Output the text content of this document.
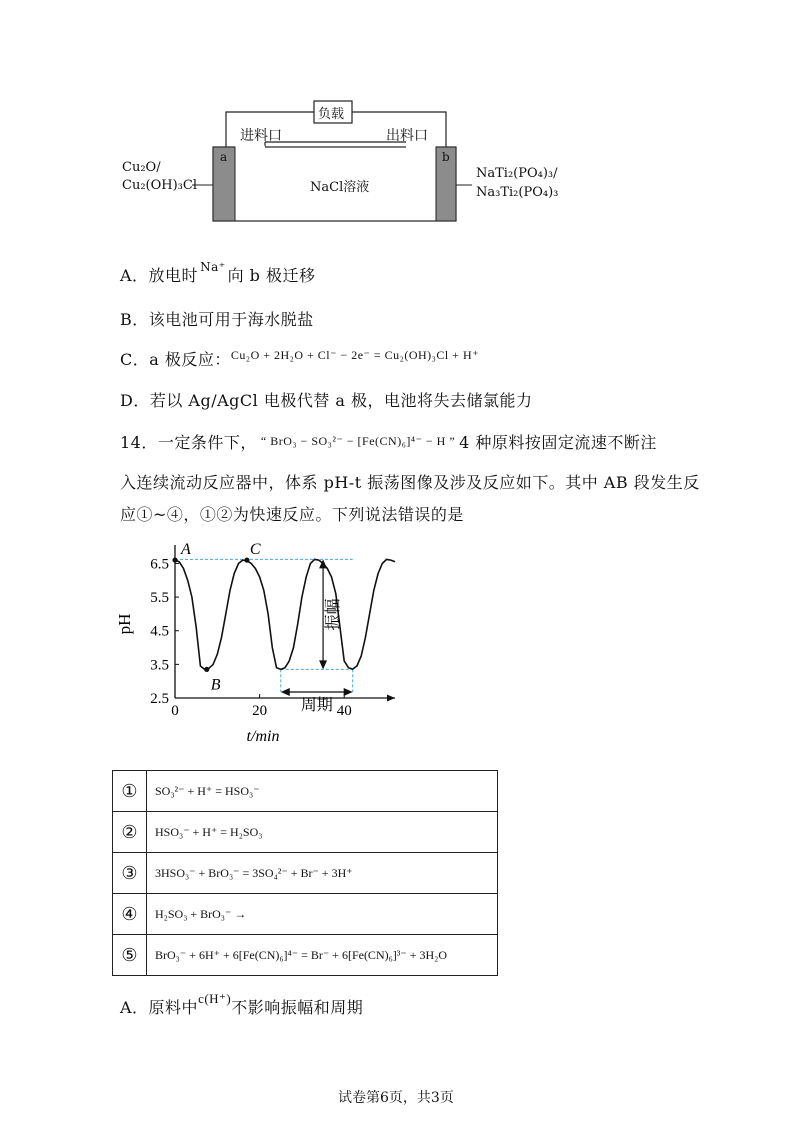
负载
进料口	出料口
a	b
NaCl溶液
Cu₂O/
Cu₂(OH)₃Cl
NaTi₂(PO₄)₃/
Na₃Ti₂(PO₄)₃
A．放电时 $^{Na^+}$ 向 b 极迁移
B．该电池可用于海水脱盐
C．a 极反应：$^{Cu_2O + 2H_2O + Cl^- - 2e^- = Cu_2(OH)_3Cl + H^+}$
D．若以 Ag/AgCl 电极代替 a 极，电池将失去储氯能力
14．一定条件下， “ BrO₃ − SO₃²⁻ − [Fe(CN)₆]⁴⁻ − H ” 4 种原料按固定流速不断注
入连续流动反应器中，体系 pH-t 振荡图像及涉及反应如下。其中 AB 段发生反
应①~④，①②为快速反应。下列说法错误的是
6.5
5.5
4.5
3.5
2.5
0	20	40
t/min
pH
A
B
C
振幅
周期
①	SO₃²⁻ + H⁺ = HSO₃⁻
②	HSO₃⁻ + H⁺ = H₂SO₃
③	3HSO₃⁻ + BrO₃⁻ = 3SO₄²⁻ + Br⁻ + 3H⁺
④	H₂SO₃ + BrO₃⁻ →
⑤	BrO₃⁻ + 6H⁺ + 6[Fe(CN)₆]⁴⁻ = Br⁻ + 6[Fe(CN)₆]³⁻ + 3H₂O
A．原料中$^{c(H^+)}$不影响振幅和周期
试卷第6页，共3页
